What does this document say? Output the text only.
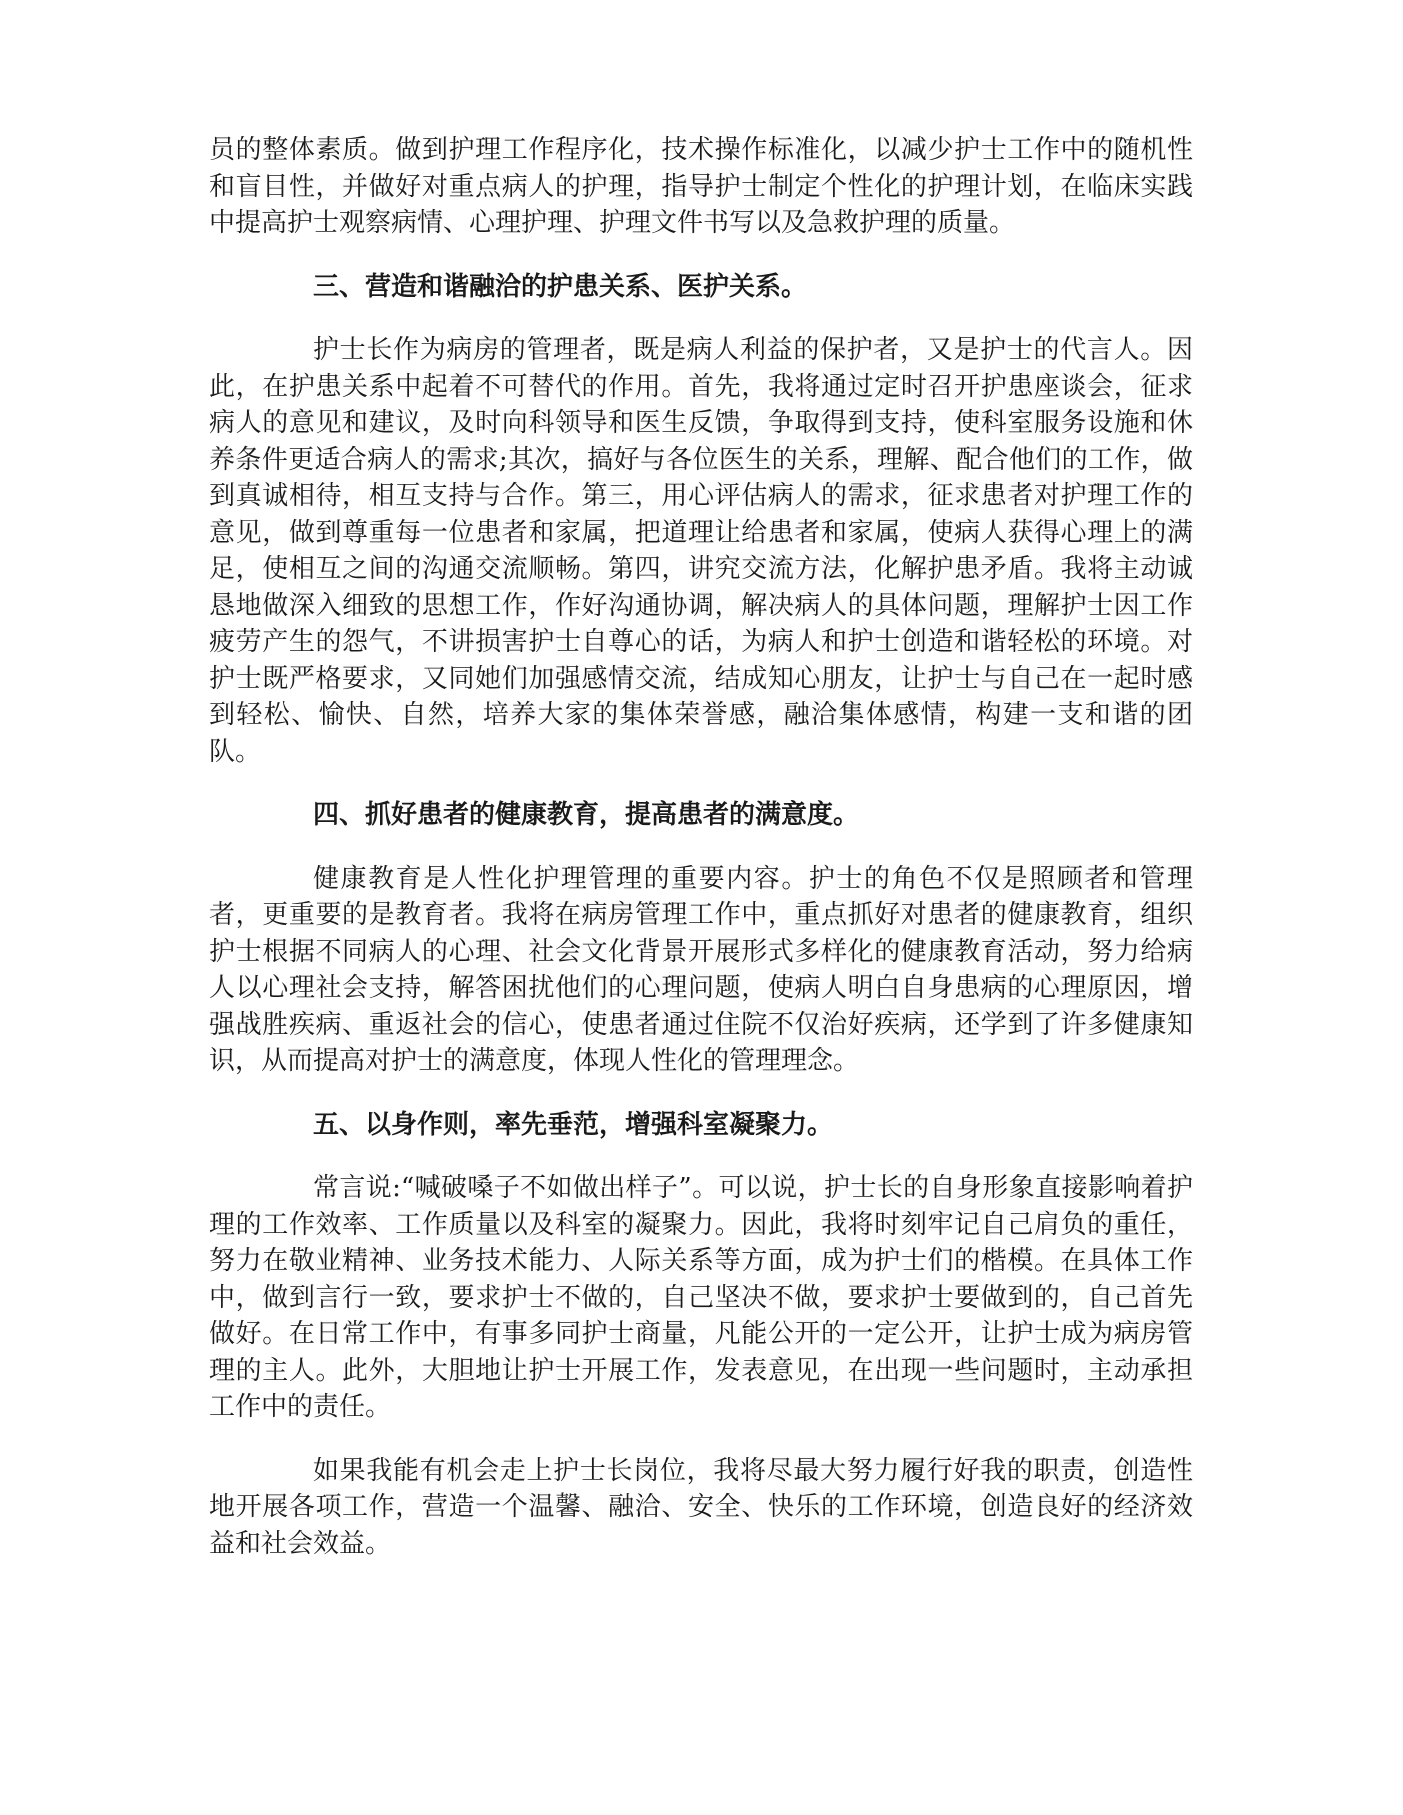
员的整体素质。做到护理工作程序化，技术操作标准化，以减少护士工作中的随机性和盲目性，并做好对重点病人的护理，指导护士制定个性化的护理计划，在临床实践中提高护士观察病情、心理护理、护理文件书写以及急救护理的质量。

三、营造和谐融洽的护患关系、医护关系。

护士长作为病房的管理者，既是病人利益的保护者，又是护士的代言人。因此，在护患关系中起着不可替代的作用。首先，我将通过定时召开护患座谈会，征求病人的意见和建议，及时向科领导和医生反馈，争取得到支持，使科室服务设施和休养条件更适合病人的需求;其次，搞好与各位医生的关系，理解、配合他们的工作，做到真诚相待，相互支持与合作。第三，用心评估病人的需求，征求患者对护理工作的意见，做到尊重每一位患者和家属，把道理让给患者和家属，使病人获得心理上的满足，使相互之间的沟通交流顺畅。第四，讲究交流方法，化解护患矛盾。我将主动诚恳地做深入细致的思想工作，作好沟通协调，解决病人的具体问题，理解护士因工作疲劳产生的怨气，不讲损害护士自尊心的话，为病人和护士创造和谐轻松的环境。对护士既严格要求，又同她们加强感情交流，结成知心朋友，让护士与自己在一起时感到轻松、愉快、自然，培养大家的集体荣誉感，融洽集体感情，构建一支和谐的团队。

四、抓好患者的健康教育，提高患者的满意度。

健康教育是人性化护理管理的重要内容。护士的角色不仅是照顾者和管理者，更重要的是教育者。我将在病房管理工作中，重点抓好对患者的健康教育，组织护士根据不同病人的心理、社会文化背景开展形式多样化的健康教育活动，努力给病人以心理社会支持，解答困扰他们的心理问题，使病人明白自身患病的心理原因，增强战胜疾病、重返社会的信心，使患者通过住院不仅治好疾病，还学到了许多健康知识，从而提高对护士的满意度，体现人性化的管理理念。

五、以身作则，率先垂范，增强科室凝聚力。

常言说:“喊破嗓子不如做出样子”。可以说，护士长的自身形象直接影响着护理的工作效率、工作质量以及科室的凝聚力。因此，我将时刻牢记自己肩负的重任，努力在敬业精神、业务技术能力、人际关系等方面，成为护士们的楷模。在具体工作中，做到言行一致，要求护士不做的，自己坚决不做，要求护士要做到的，自己首先做好。在日常工作中，有事多同护士商量，凡能公开的一定公开，让护士成为病房管理的主人。此外，大胆地让护士开展工作，发表意见，在出现一些问题时，主动承担工作中的责任。

如果我能有机会走上护士长岗位，我将尽最大努力履行好我的职责，创造性地开展各项工作，营造一个温馨、融洽、安全、快乐的工作环境，创造良好的经济效益和社会效益。
